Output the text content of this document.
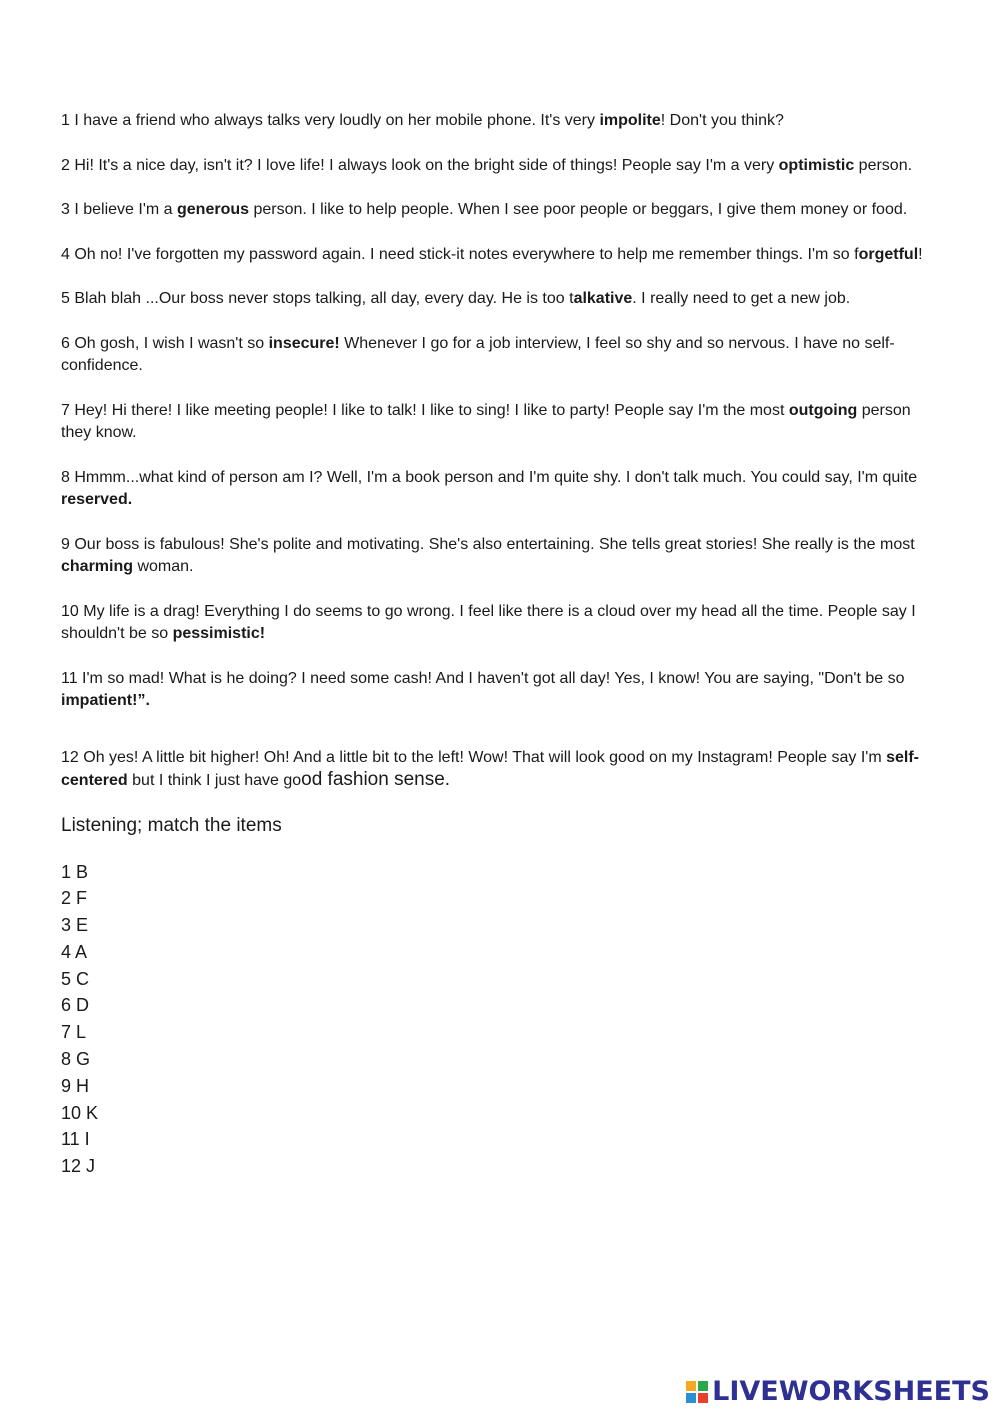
1 I have a friend who always talks very loudly on her mobile phone. It's very impolite! Don't you think?

2 Hi! It's a nice day, isn't it? I love life! I always look on the bright side of things! People say I'm a very optimistic person.

3 I believe I'm a generous person. I like to help people. When I see poor people or beggars, I give them money or food.

4 Oh no! I've forgotten my password again. I need stick-it notes everywhere to help me remember things. I'm so forgetful!

5 Blah blah ...Our boss never stops talking, all day, every day. He is too talkative. I really need to get a new job.

6 Oh gosh, I wish I wasn't so insecure! Whenever I go for a job interview, I feel so shy and so nervous. I have no self-confidence.

7 Hey! Hi there! I like meeting people! I like to talk! I like to sing! I like to party! People say I'm the most outgoing person they know.

8 Hmmm...what kind of person am I? Well, I'm a book person and I'm quite shy. I don't talk much. You could say, I'm quite reserved.

9 Our boss is fabulous! She's polite and motivating. She's also entertaining. She tells great stories! She really is the most charming woman.

10 My life is a drag! Everything I do seems to go wrong. I feel like there is a cloud over my head all the time. People say I shouldn't be so pessimistic!

11 I'm so mad! What is he doing? I need some cash! And I haven't got all day! Yes, I know! You are saying, "Don't be so impatient!”.

12 Oh yes! A little bit higher! Oh! And a little bit to the left! Wow! That will look good on my Instagram! People say I'm self-centered but I think I just have good fashion sense.

Listening; match the items
1 B
2 F
3 E
4 A
5 C
6 D
7 L
8 G
9 H
10 K
11 I
12 J
LIVEWORKSHEETS
